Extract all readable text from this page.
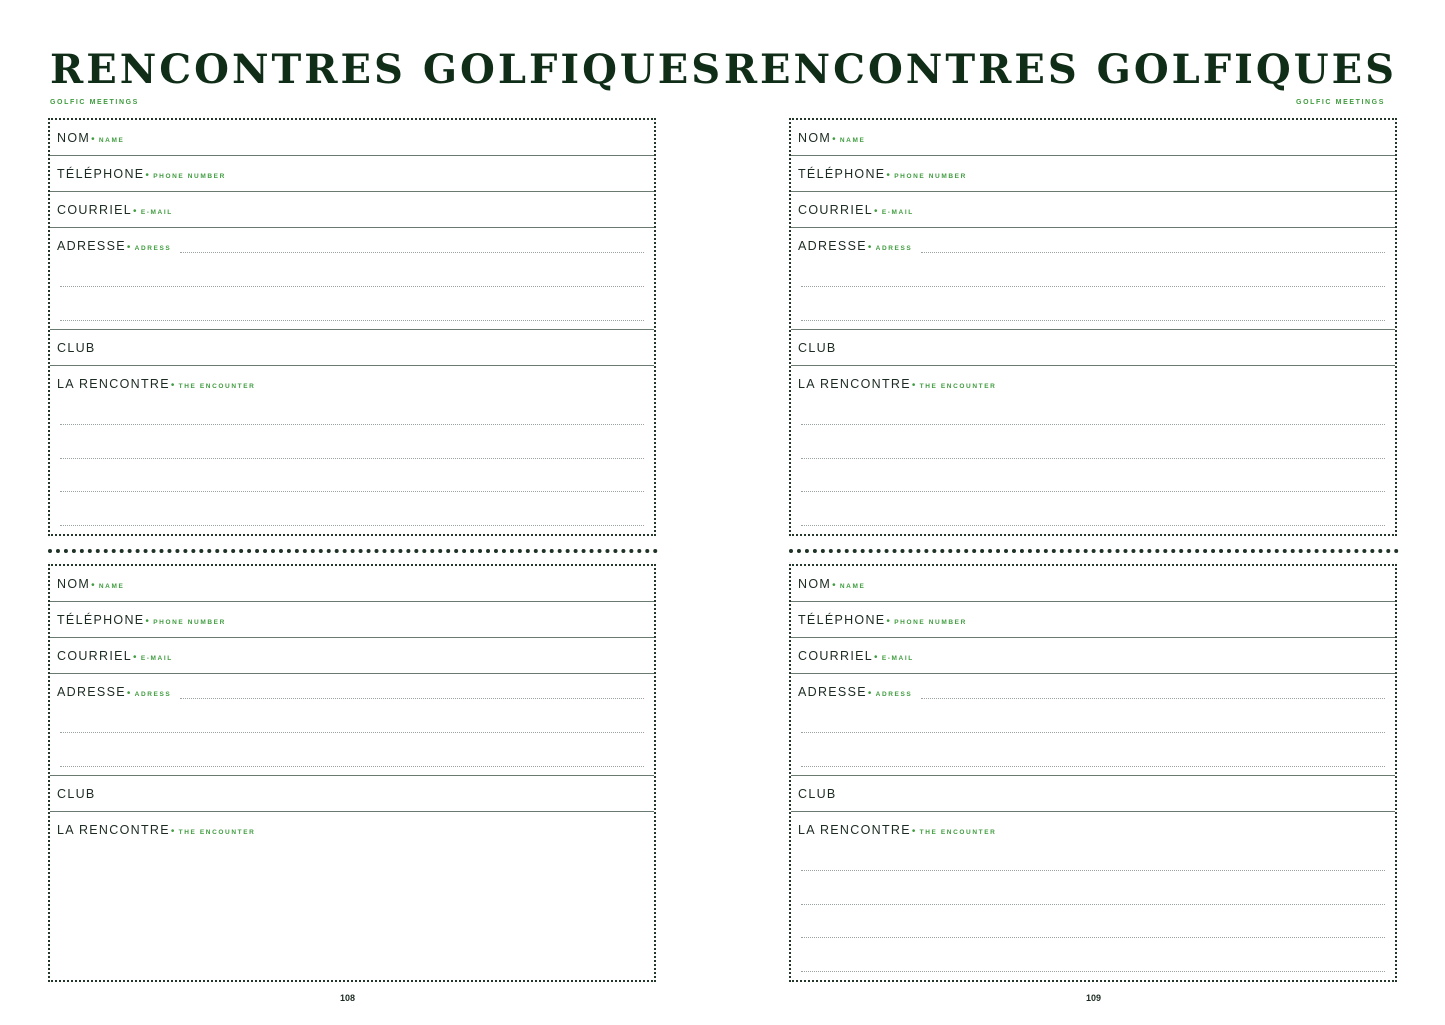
RENCONTRES GOLFIQUES
GOLFIC MEETINGS
NOM• NAME
TÉLÉPHONE• PHONE NUMBER
COURRIEL• E-MAIL
ADRESSE• ADRESS
CLUB
LA RENCONTRE• THE ENCOUNTER
NOM• NAME
TÉLÉPHONE• PHONE NUMBER
COURRIEL• E-MAIL
ADRESSE• ADRESS
CLUB
LA RENCONTRE• THE ENCOUNTER
108
RENCONTRES GOLFIQUES
GOLFIC MEETINGS
NOM• NAME
TÉLÉPHONE• PHONE NUMBER
COURRIEL• E-MAIL
ADRESSE• ADRESS
CLUB
LA RENCONTRE• THE ENCOUNTER
NOM• NAME
TÉLÉPHONE• PHONE NUMBER
COURRIEL• E-MAIL
ADRESSE• ADRESS
CLUB
LA RENCONTRE• THE ENCOUNTER
109
